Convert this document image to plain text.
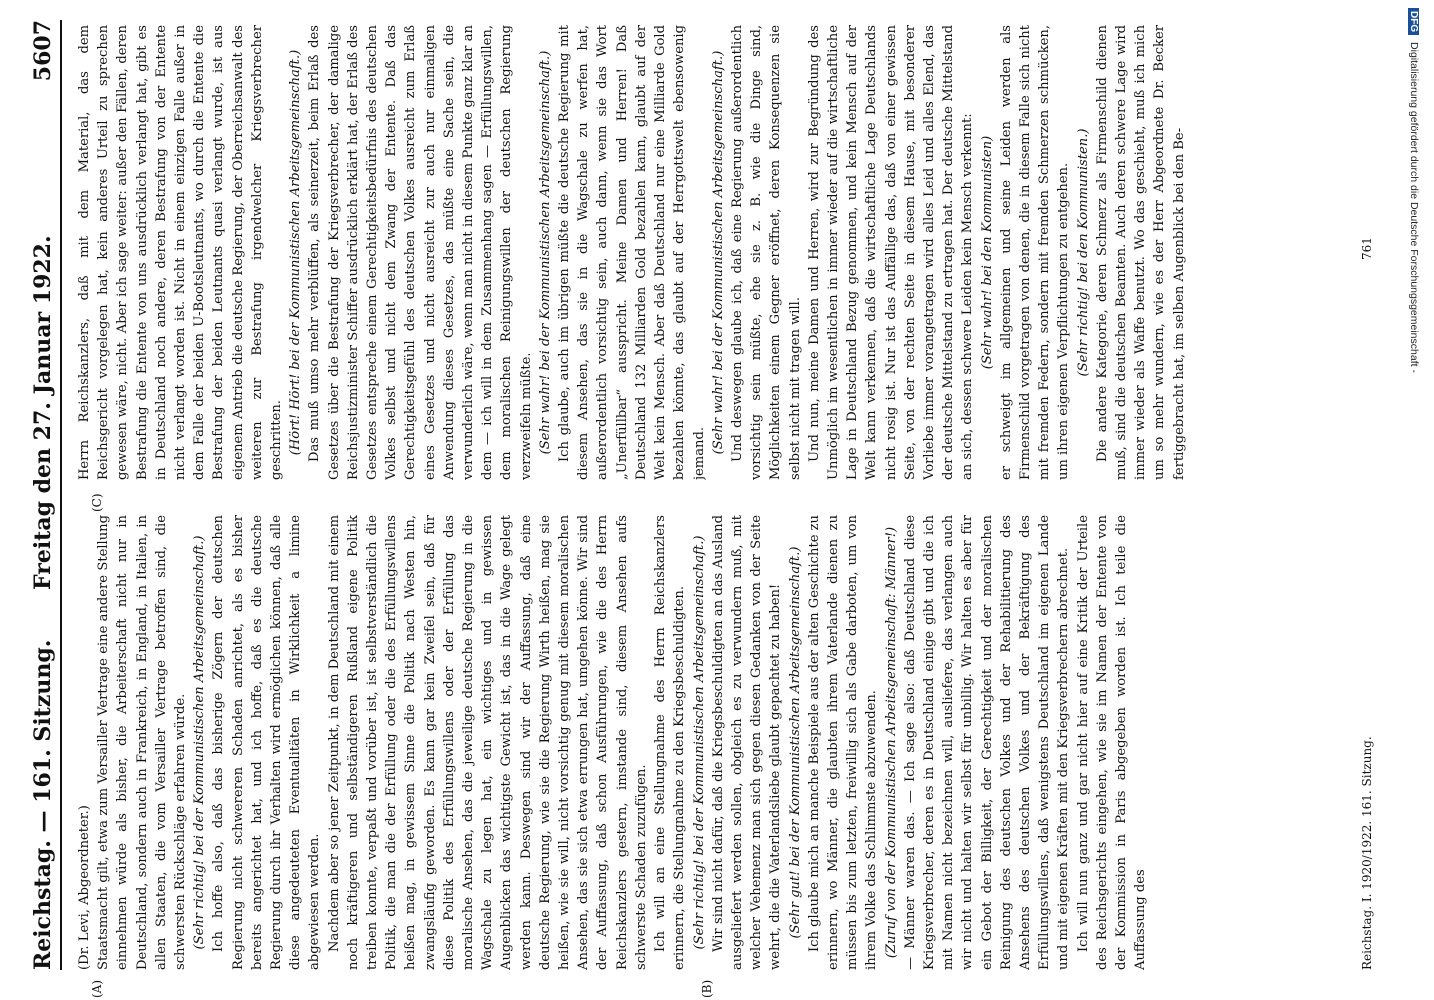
Reichstag. — 161. Sitzung.
Freitag den 27. Januar 1922.
5607
(A)	(B)
(C)

(Dr. Levi, Abgeordneter.) Staatsmacht gilt, etwa zum Versailler Vertrage eine andere Stellung einnehmen würde als bisher, die Arbeiterschaft nicht nur in Deutschland, sondern auch in Frankreich, in England, in Italien, in allen Staaten, die vom Versailler Vertrage betroffen sind, die schwersten Rückschläge erfahren würde. (Sehr richtig! bei der Kommunistischen Arbeitsgemeinschaft.) Ich hoffe also, daß das bisherige Zögern der deutschen Regierung nicht schwereren Schaden anrichtet, als es bisher bereits angerichtet hat, und ich hoffe, daß es die deutsche Regierung durch ihr Verhalten wird ermöglichen können, daß alle diese angedeuteten Eventualitäten in Wirklichkeit a limine abgewiesen werden. Nachdem aber so jener Zeitpunkt, in dem Deutschland mit einem noch kräftigeren und selbständigeren Rußland eigene Politik treiben konnte, verpaßt und vorüber ist, ist selbstverständlich die Politik, die man die der Erfüllung oder die des Erfüllungswillens heißen mag, in gewissem Sinne die Politik nach Westen hin, zwangsläufig geworden. Es kann gar kein Zweifel sein, daß für diese Politik des Erfüllungswillens oder der Erfüllung das moralische Ansehen, das die jeweilige deutsche Regierung in die Wagschale zu legen hat, ein wichtiges und in gewissen Augenblicken das wichtigste Gewicht ist, das in die Wage gelegt werden kann. Deswegen sind wir der Auffassung, daß eine deutsche Regierung, wie sie die Regierung Wirth heißen, mag sie heißen, wie sie will, nicht vorsichtig genug mit diesem moralischen Ansehen, das sie sich etwa errungen hat, umgehen könne. Wir sind der Auffassung, daß schon Ausführungen, wie die des Herrn Reichskanzlers gestern, imstande sind, diesem Ansehen aufs schwerste Schaden zuzufügen. Ich will an eine Stellungnahme des Herrn Reichskanzlers erinnern, die Stellungnahme zu den Kriegsbeschuldigten. (Sehr richtig! bei der Kommunistischen Arbeitsgemeinschaft.) Wir sind nicht dafür, daß die Kriegsbeschuldigten an das Ausland ausgeliefert werden sollen, obgleich es zu verwundern muß, mit welcher Vehemenz man sich gegen diesen Gedanken von der Seite wehrt, die die Vaterlandsliebe glaubt gepachtet zu haben! (Sehr gut! bei der Kommunistischen Arbeitsgemeinschaft.) Ich glaube mich an manche Beispiele aus der alten Geschichte zu erinnern, wo Männer, die glaubten ihrem Vaterlande dienen zu müssen bis zum letzten, freiwillig sich als Gabe darboten, um von ihrem Volke das Schlimmste abzuwenden. (Zuruf von der Kommunistischen Arbeitsgemeinschaft: Männer!) — Männer waren das. — Ich sage also: daß Deutschland diese Kriegsverbrecher, deren es in Deutschland einige gibt und die ich mit Namen nicht bezeichnen will, ausliefere, das verlangen auch wir nicht und halten wir selbst für unbillig. Wir halten es aber für ein Gebot der Billigkeit, der Gerechtigkeit und der moralischen Reinigung des deutschen Volkes und der Rehabilitierung des Ansehens des deutschen Volkes und der Bekräftigung des Erfüllungswillens, daß wenigstens Deutschland im eigenen Lande und mit eigenen Kräften mit den Kriegsverbrechern abrechnet. Ich will nun ganz und gar nicht hier auf eine Kritik der Urteile des Reichsgerichts eingehen, wie sie im Namen der Entente von der Kommission in Paris abgegeben worden ist. Ich teile die Auffassung des

Herrn Reichskanzlers, daß mit dem Material, das dem Reichsgericht vorgelegen hat, kein anderes Urteil zu sprechen gewesen wäre, nicht. Aber ich sage weiter: außer den Fällen, deren Bestrafung die Entente von uns ausdrücklich verlangt hat, gibt es in Deutschland noch andere, deren Bestrafung von der Entente nicht verlangt worden ist. Nicht in einem einzigen Falle außer in dem Falle der beiden U-Bootsleutnants, wo durch die Entente die Bestrafung der beiden Leutnants quasi verlangt wurde, ist aus eigenem Antrieb die deutsche Regierung, der Oberreichsanwalt des weiteren zur Bestrafung irgendwelcher Kriegsverbrecher geschritten. (Hört! Hört! bei der Kommunistischen Arbeitsgemeinschaft.) Das muß umso mehr verblüffen, als seinerzeit, beim Erlaß des Gesetzes über die Bestrafung der Kriegsverbrecher, der damalige Reichsjustizminister Schiffer ausdrücklich erklärt hat, der Erlaß des Gesetzes entspreche einem Gerechtigkeitsbedürfnis des deutschen Volkes selbst und nicht dem Zwang der Entente. Daß das Gerechtigkeitsgefühl des deutschen Volkes ausreicht zum Erlaß eines Gesetzes und nicht ausreicht zur auch nur einmaligen Anwendung dieses Gesetzes, das müßte eine Sache sein, die verwunderlich wäre, wenn man nicht in diesem Punkte ganz klar an dem — ich will in dem Zusammenhang sagen — Erfüllungswillen, dem moralischen Reinigungswillen der deutschen Regierung verzweifeln müßte. (Sehr wahr! bei der Kommunistischen Arbeitsgemeinschaft.) Ich glaube, auch im übrigen müßte die deutsche Regierung mit diesem Ansehen, das sie in die Wagschale zu werfen hat, außerordentlich vorsichtig sein, auch dann, wenn sie das Wort „Unerfüllbar“ ausspricht. Meine Damen und Herren! Daß Deutschland 132 Milliarden Gold bezahlen kann, glaubt auf der Welt kein Mensch. Aber daß Deutschland nur eine Milliarde Gold bezahlen könnte, das glaubt auf der Herrgottswelt ebensowenig jemand. (Sehr wahr! bei der Kommunistischen Arbeitsgemeinschaft.) Und deswegen glaube ich, daß eine Regierung außerordentlich vorsichtig sein müßte, ehe sie z. B. wie die Dinge sind, Möglichkeiten einem Gegner eröffnet, deren Konsequenzen sie selbst nicht mit tragen will. Und nun, meine Damen und Herren, wird zur Begründung des Unmöglich im wesentlichen in immer wieder auf die wirtschaftliche Lage in Deutschland Bezug genommen, und kein Mensch auf der Welt kann verkennen, daß die wirtschaftliche Lage Deutschlands nicht rosig ist. Nur ist das Auffällige das, daß von einer gewissen Seite, von der rechten Seite in diesem Hause, mit besonderer Vorliebe immer vorangetragen wird alles Leid und alles Elend, das der deutsche Mittelstand zu ertragen hat. Der deutsche Mittelstand an sich, dessen schwere Leiden kein Mensch verkennt: (Sehr wahr! bei den Kommunisten) er schweigt im allgemeinen und seine Leiden werden als Firmenschild vorgetragen von denen, die in diesem Falle sich nicht mit fremden Federn, sondern mit fremden Schmerzen schmücken, um ihren eigenen Verpflichtungen zu entgehen. (Sehr richtig! bei den Kommunisten.) Die andere Kategorie, deren Schmerz als Firmenschild dienen muß, sind die deutschen Beamten. Auch deren schwere Lage wird immer wieder als Waffe benutzt. Wo das geschieht, muß ich mich um so mehr wundern, wie es der Herr Abgeordnete Dr. Becker fertiggebracht hat, im selben Augenblick bei den Be-

Reichstag. I. 1920/1922. 161. Sitzung.
761
DFG Digitalisierung gefördert durch die Deutsche Forschungsgemeinschaft -
